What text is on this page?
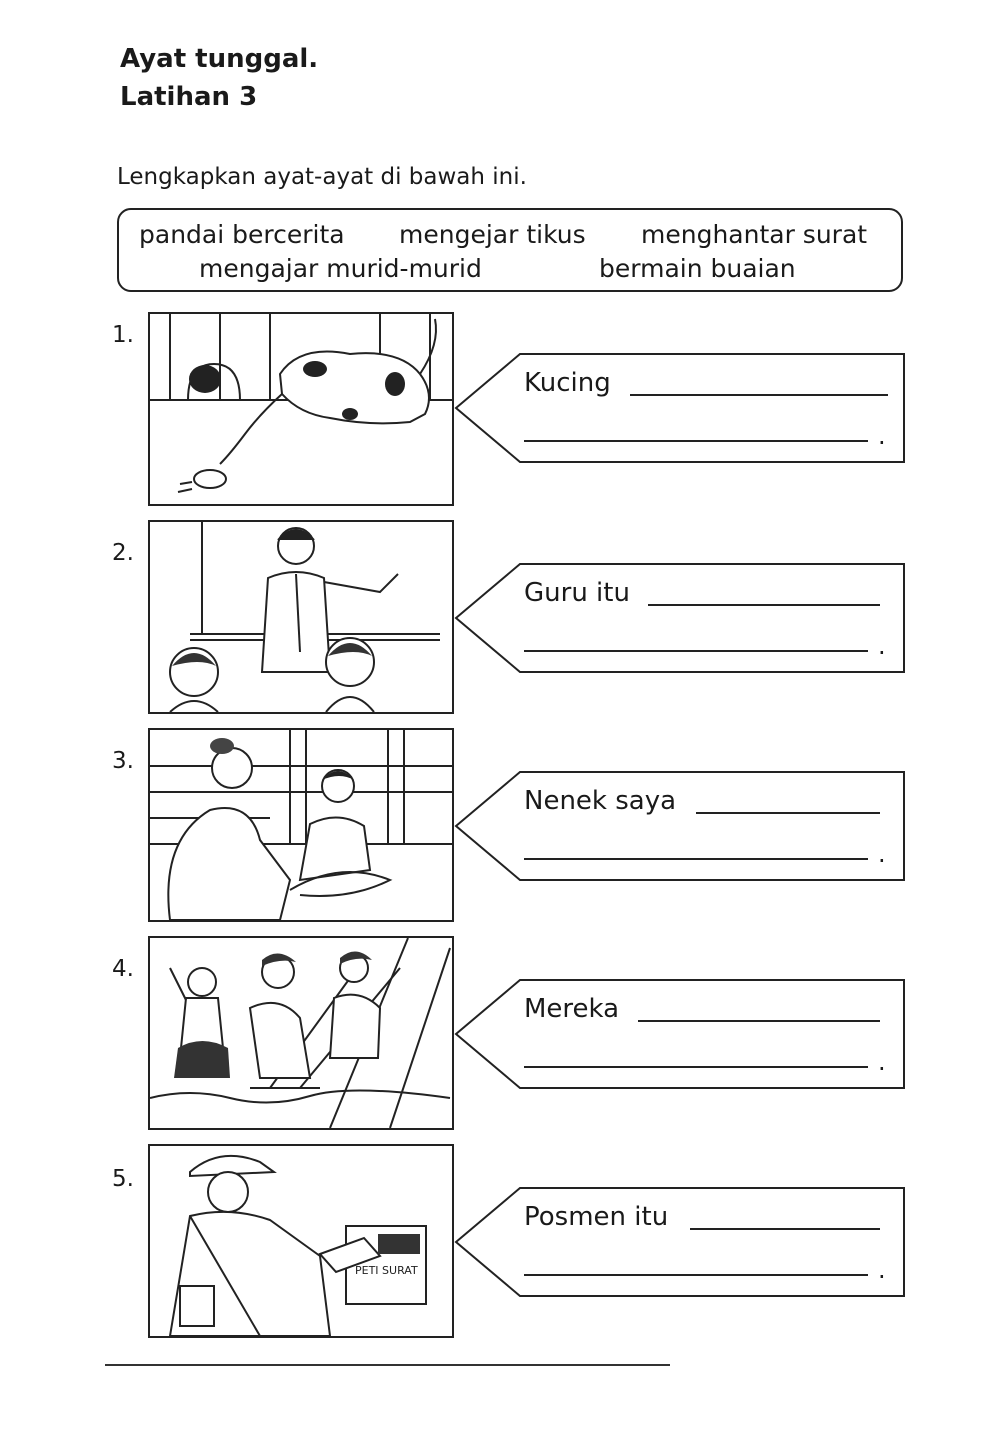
Ayat tunggal.
Latihan 3
Lengkapkan ayat-ayat di bawah ini.
pandai bercerita mengejar tikus menghantar surat
mengajar murid-murid	bermain buaian
1.
Kucing
.
2.
Guru itu
.
3.
Nenek saya
.
4.
Mereka
.
5.
PETI SURAT
Posmen itu
.
